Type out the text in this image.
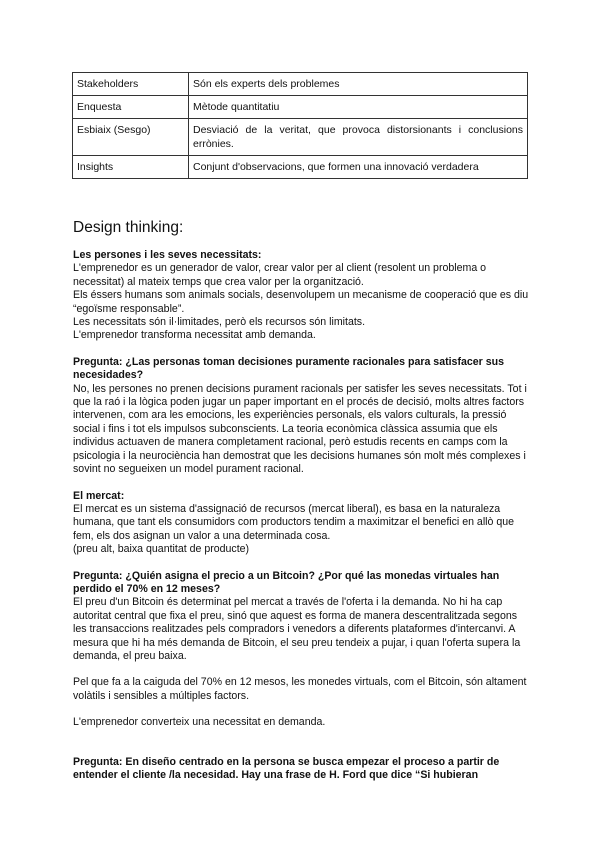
Stakeholders	Són els experts dels problemes
Enquesta	Mètode quantitatiu
Esbiaix (Sesgo)	Desviació de la veritat, que provoca distorsionants i conclusions errònies.
Insights	Conjunt d'observacions, que formen una innovació verdadera
Design thinking:

Les persones i les seves necessitats:

L'emprenedor es un generador de valor, crear valor per al client (resolent un problema o necessitat) al mateix temps que crea valor per la organització.

Els éssers humans som animals socials, desenvolupem un mecanisme de cooperació que es diu “egoïsme responsable”.

Les necessitats són il·limitades, però els recursos són limitats.

L'emprenedor transforma necessitat amb demanda.

Pregunta: ¿Las personas toman decisiones puramente racionales para satisfacer sus necesidades?

No, les persones no prenen decisions purament racionals per satisfer les seves necessitats. Tot i que la raó i la lògica poden jugar un paper important en el procés de decisió, molts altres factors intervenen, com ara les emocions, les experiències personals, els valors culturals, la pressió social i fins i tot els impulsos subconscients. La teoria econòmica clàssica assumia que els individus actuaven de manera completament racional, però estudis recents en camps com la psicologia i la neurociència han demostrat que les decisions humanes són molt més complexes i sovint no segueixen un model purament racional.

El mercat:

El mercat es un sistema d'assignació de recursos (mercat liberal), es basa en la naturaleza humana, que tant els consumidors com productors tendim a maximitzar el benefici en allò que fem, els dos asignan un valor a una determinada cosa.

(preu alt, baixa quantitat de producte)

Pregunta: ¿Quién asigna el precio a un Bitcoin? ¿Por qué las monedas virtuales han perdido el 70% en 12 meses?

El preu d'un Bitcoin és determinat pel mercat a través de l'oferta i la demanda. No hi ha cap autoritat central que fixa el preu, sinó que aquest es forma de manera descentralitzada segons les transaccions realitzades pels compradors i venedors a diferents plataformes d'intercanvi. A mesura que hi ha més demanda de Bitcoin, el seu preu tendeix a pujar, i quan l'oferta supera la demanda, el preu baixa.

Pel que fa a la caiguda del 70% en 12 mesos, les monedes virtuals, com el Bitcoin, són altament volàtils i sensibles a múltiples factors.

L'emprenedor converteix una necessitat en demanda.

Pregunta: En diseño centrado en la persona se busca empezar el proceso a partir de entender el cliente /la necesidad. Hay una frase de H. Ford que dice “Si hubieran
